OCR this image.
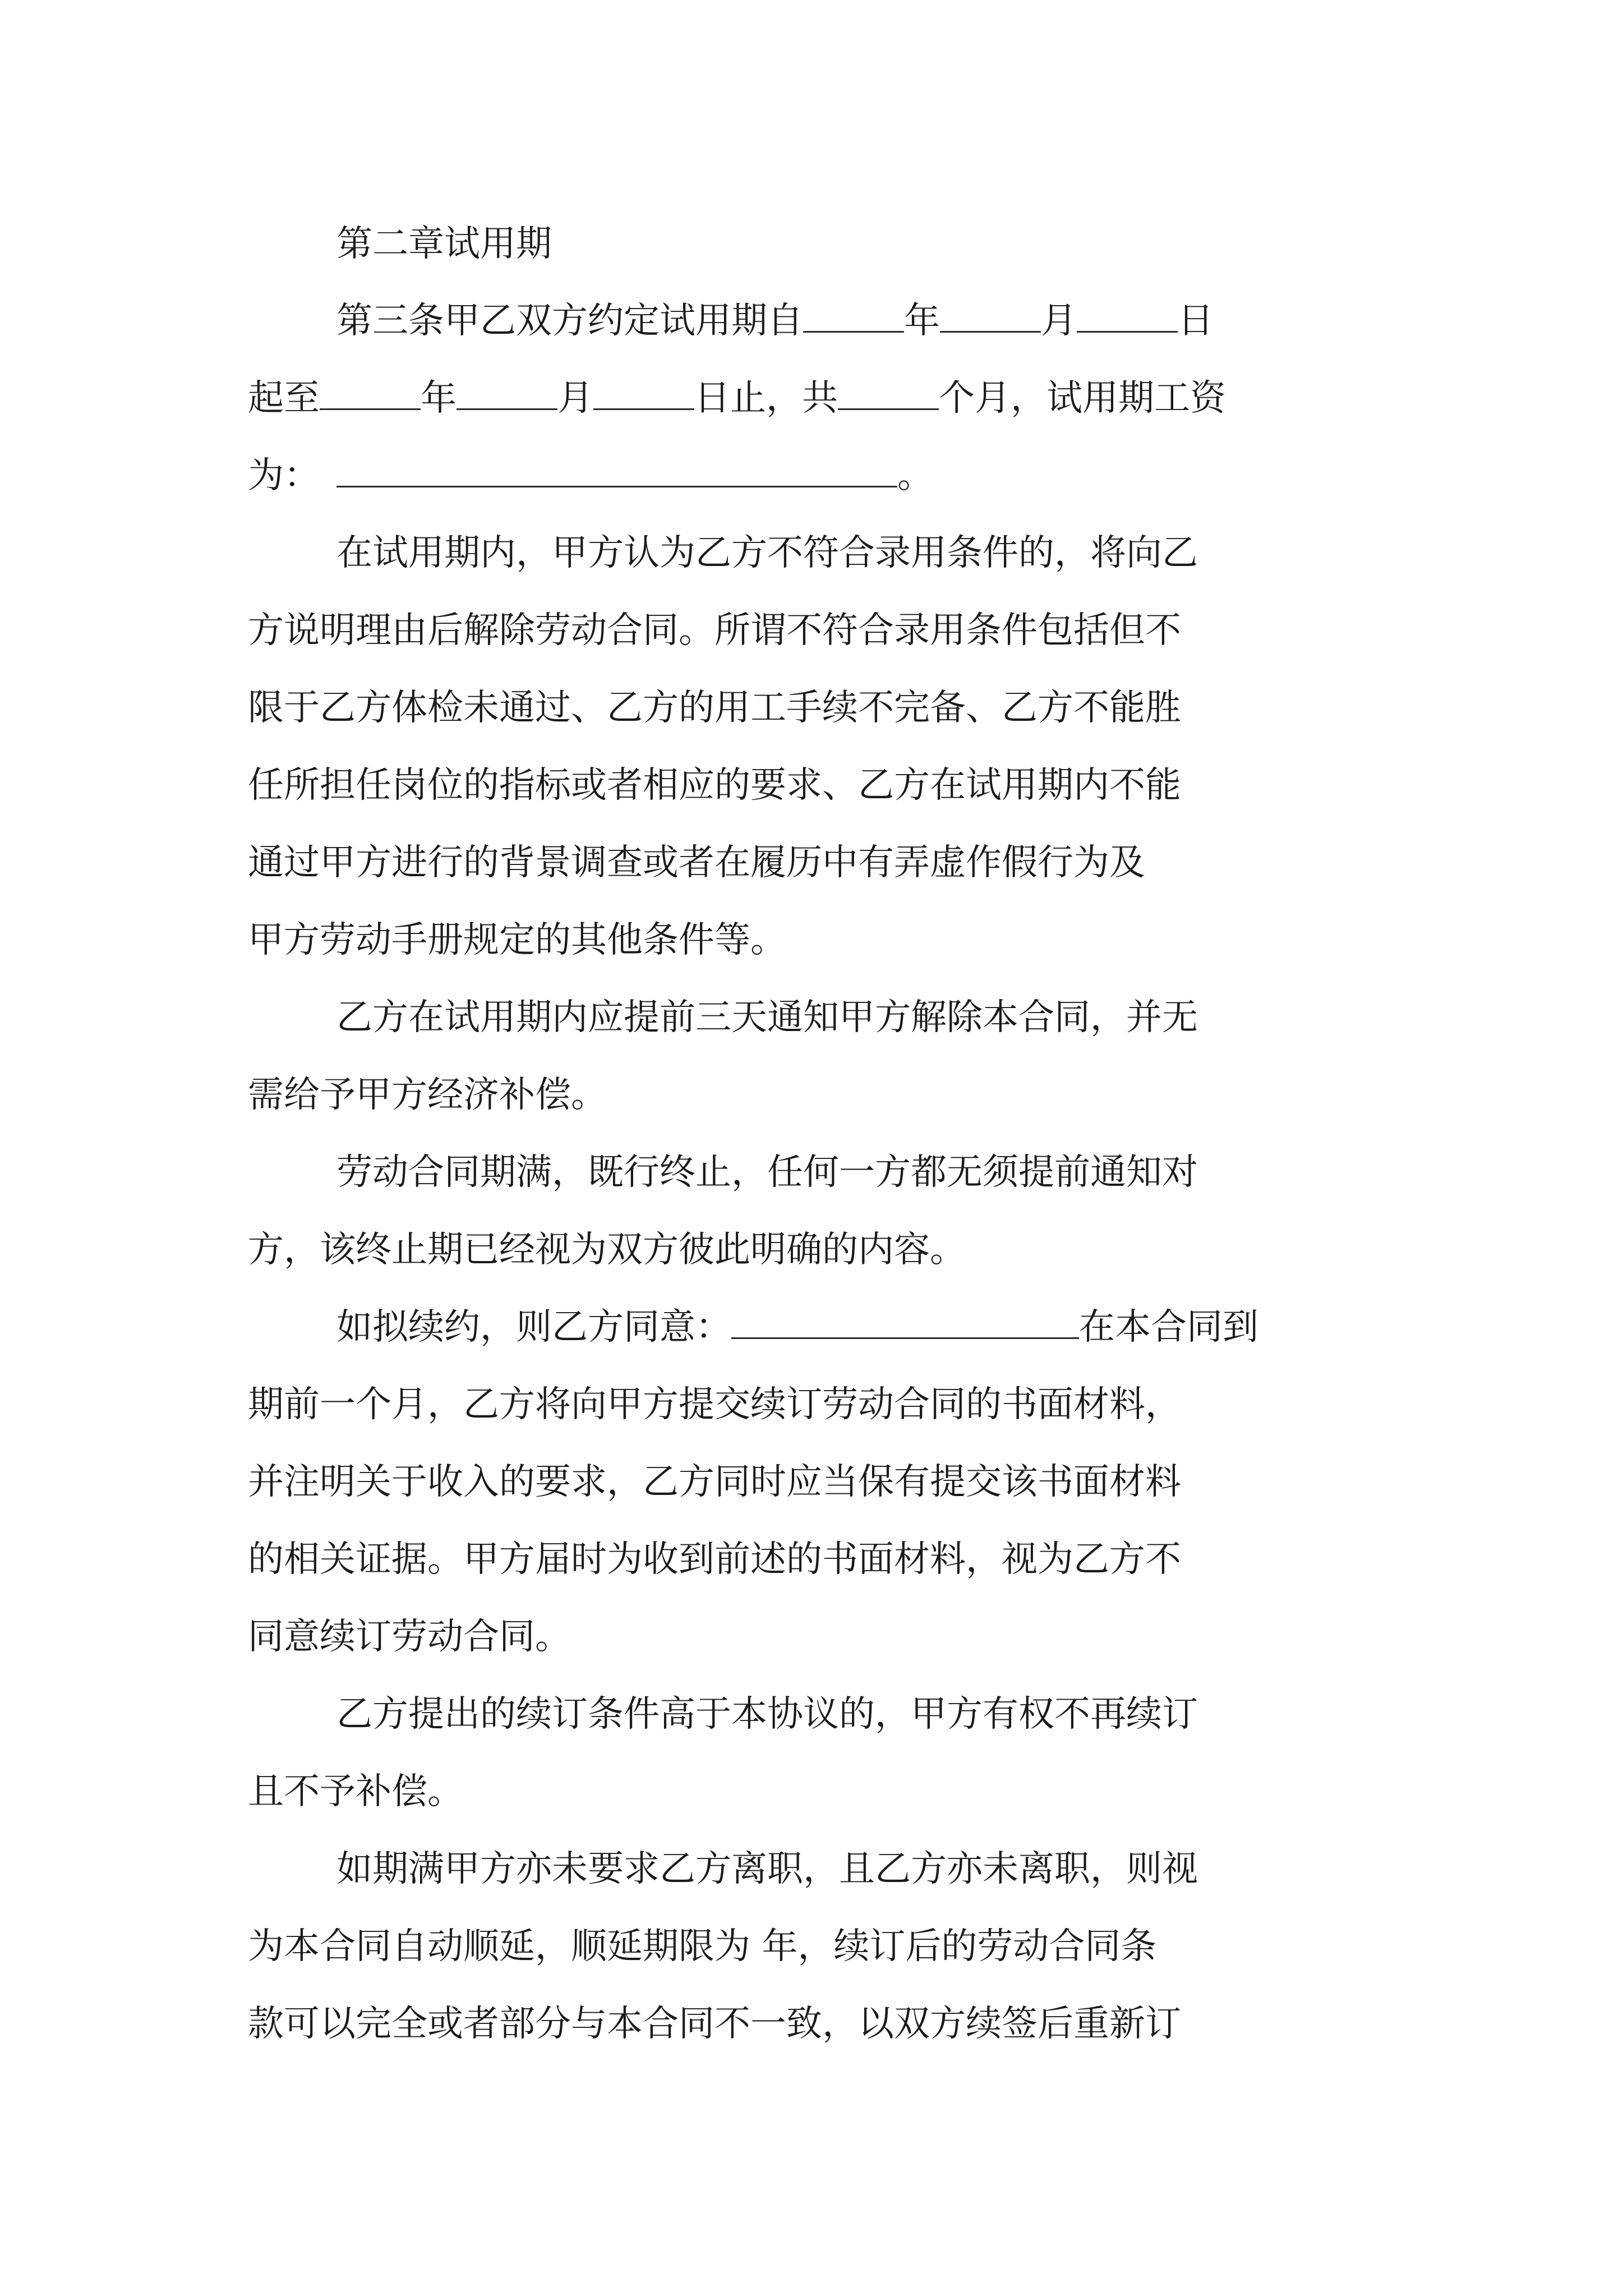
第二章试用期
第三条甲乙双方约定试用期自	年	月	日
起至	年	月	日止，共	个月，试用期工资
为：	。
在试用期内，甲方认为乙方不符合录用条件的，将向乙
方说明理由后解除劳动合同。所谓不符合录用条件包括但不
限于乙方体检未通过、乙方的用工手续不完备、乙方不能胜
任所担任岗位的指标或者相应的要求、乙方在试用期内不能
通过甲方进行的背景调查或者在履历中有弄虚作假行为及
甲方劳动手册规定的其他条件等。
乙方在试用期内应提前三天通知甲方解除本合同，并无
需给予甲方经济补偿。
劳动合同期满，既行终止，任何一方都无须提前通知对
方，该终止期已经视为双方彼此明确的内容。
如拟续约，则乙方同意：	在本合同到
期前一个月，乙方将向甲方提交续订劳动合同的书面材料，
并注明关于收入的要求，乙方同时应当保有提交该书面材料
的相关证据。甲方届时为收到前述的书面材料，视为乙方不
同意续订劳动合同。
乙方提出的续订条件高于本协议的，甲方有权不再续订
且不予补偿。
如期满甲方亦未要求乙方离职，且乙方亦未离职，则视
为本合同自动顺延，顺延期限为 年，续订后的劳动合同条
款可以完全或者部分与本合同不一致，以双方续签后重新订
